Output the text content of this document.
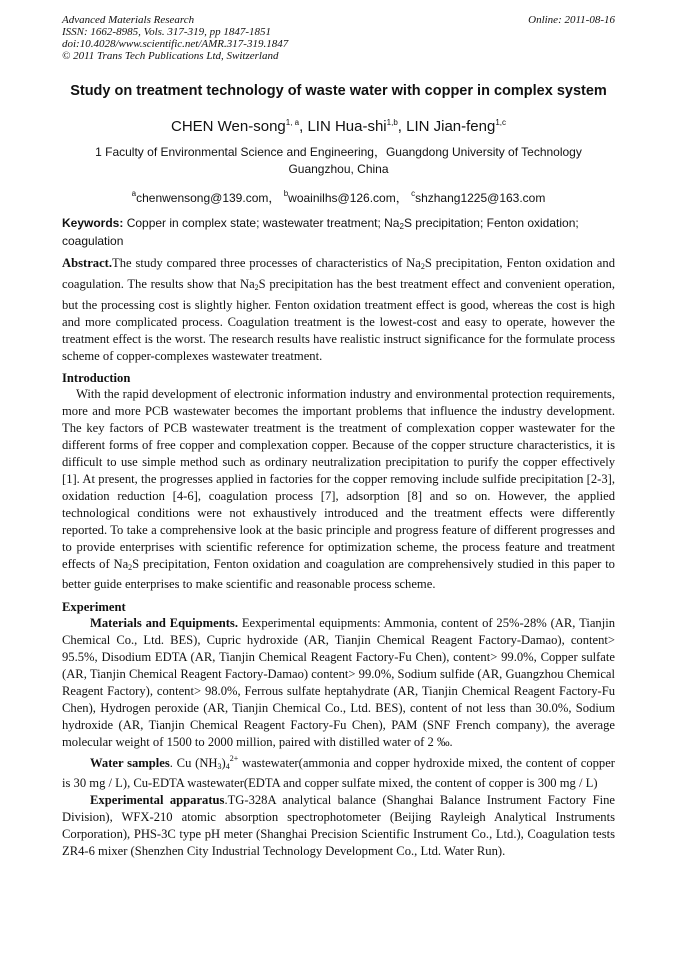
Advanced Materials Research
ISSN: 1662-8985, Vols. 317-319, pp 1847-1851
doi:10.4028/www.scientific.net/AMR.317-319.1847
© 2011 Trans Tech Publications Ltd, Switzerland
Online: 2011-08-16
Study on treatment technology of waste water with copper in complex system
CHEN Wen-song$^{1, a}$, LIN Hua-shi$^{1,b}$, LIN Jian-feng$^{1,c}$
1 Faculty of Environmental Science and Engineering，Guangdong University of Technology Guangzhou, China
$^a$chenwensong@139.com， $^b$woainilhs@126.com， $^c$shzhang1225@163.com
Keywords: Copper in complex state; wastewater treatment; $Na_2S$ precipitation; Fenton oxidation; coagulation
Abstract.The study compared three processes of characteristics of $Na_2S$ precipitation, Fenton oxidation and coagulation. The results show that $Na_2S$ precipitation has the best treatment effect and convenient operation, but the processing cost is slightly higher. Fenton oxidation treatment effect is good, whereas the cost is high and more complicated process. Coagulation treatment is the lowest-cost and easy to operate, however the treatment effect is the worst. The research results have realistic instruct significance for the formulate process scheme of copper-complexes wastewater treatment.
Introduction
With the rapid development of electronic information industry and environmental protection requirements, more and more PCB wastewater becomes the important problems that influence the industry development. The key factors of PCB wastewater treatment is the treatment of complexation copper wastewater for the different forms of free copper and complexation copper. Because of the copper structure characteristics, it is difficult to use simple method such as ordinary neutralization precipitation to purify the copper effectively [1]. At present, the progresses applied in factories for the copper removing include sulfide precipitation [2-3], oxidation reduction [4-6], coagulation process [7], adsorption [8] and so on. However, the applied technological conditions were not exhaustively introduced and the treatment effects were differently reported. To take a comprehensive look at the basic principle and progress feature of different progresses and to provide enterprises with scientific reference for optimization scheme, the process feature and treatment effects of $Na_2S$ precipitation, Fenton oxidation and coagulation are comprehensively studied in this paper to better guide enterprises to make scientific and reasonable process scheme.
Experiment
Materials and Equipments. Eexperimental equipments: Ammonia, content of 25%-28% (AR, Tianjin Chemical Co., Ltd. BES), Cupric hydroxide (AR, Tianjin Chemical Reagent Factory-Damao), content> 95.5%, Disodium EDTA (AR, Tianjin Chemical Reagent Factory-Fu Chen), content> 99.0%, Copper sulfate (AR, Tianjin Chemical Reagent Factory-Damao) content> 99.0%, Sodium sulfide (AR, Guangzhou Chemical Reagent Factory), content> 98.0%, Ferrous sulfate heptahydrate (AR, Tianjin Chemical Reagent Factory-Fu Chen), Hydrogen peroxide (AR, Tianjin Chemical Co., Ltd. BES), content of not less than 30.0%, Sodium hydroxide (AR, Tianjin Chemical Reagent Factory-Fu Chen), PAM (SNF French company), the average molecular weight of 1500 to 2000 million, paired with distilled water of 2 ‰.
Water samples. Cu $(NH_3)_4^{2+}$ wastewater(ammonia and copper hydroxide mixed, the content of copper is 30 mg / L), Cu-EDTA wastewater(EDTA and copper sulfate mixed, the content of copper is 300 mg / L)
Experimental apparatus.TG-328A analytical balance (Shanghai Balance Instrument Factory Fine Division), WFX-210 atomic absorption spectrophotometer (Beijing Rayleigh Analytical Instruments Corporation), PHS-3C type pH meter (Shanghai Precision Scientific Instrument Co., Ltd.), Coagulation tests ZR4-6 mixer (Shenzhen City Industrial Technology Development Co., Ltd. Water Run).
